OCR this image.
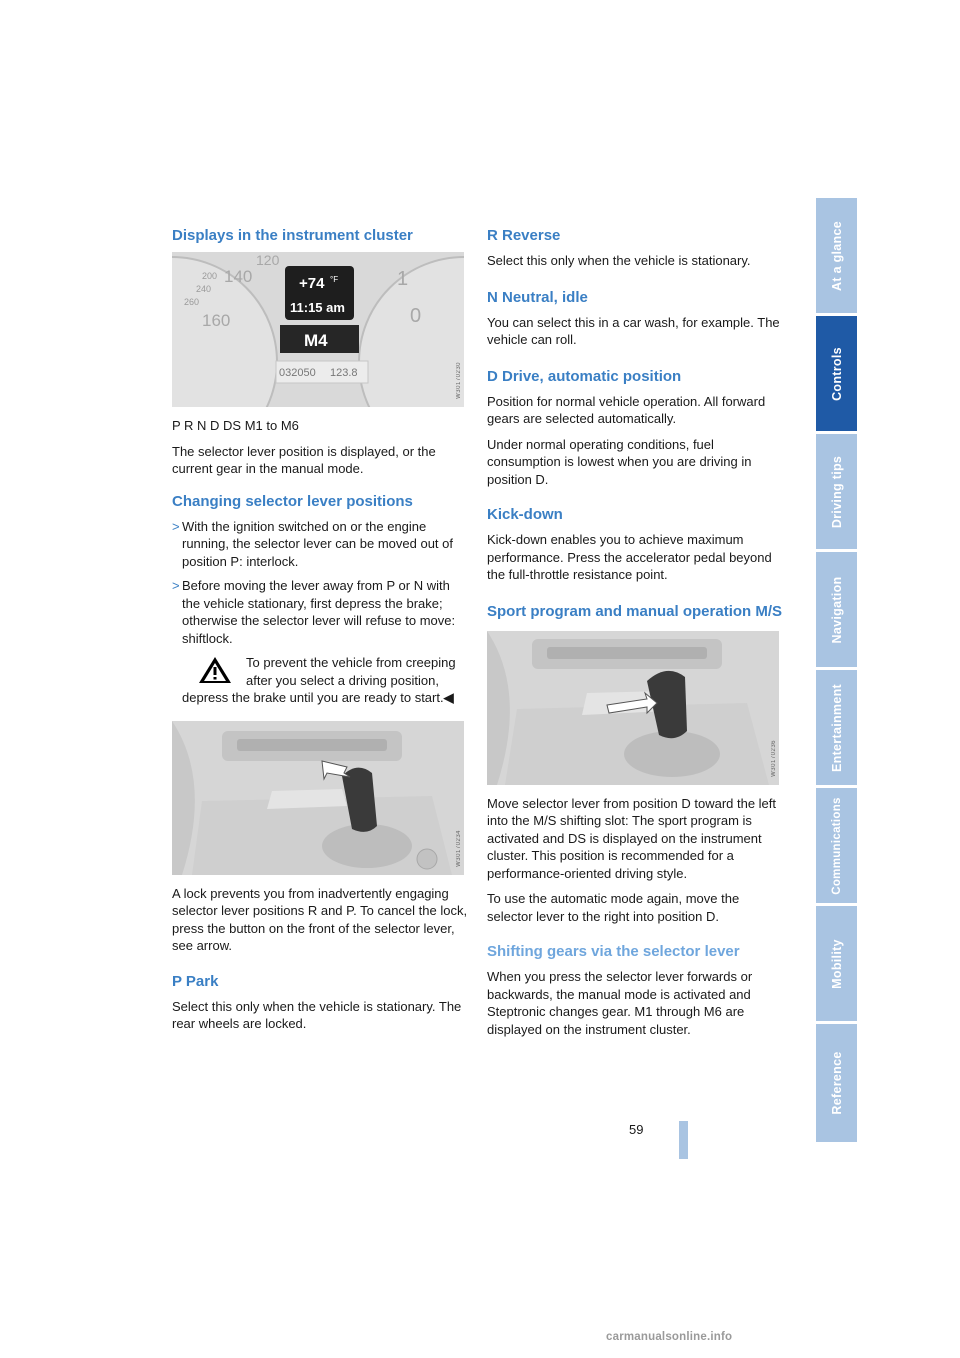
Displays in the instrument cluster
200
240
260
140
160
120
1
0
+74 °F
11:15 am
M4
032050 123.8	W30170230

P R N D DS M1 to M6

The selector lever position is displayed, or the current gear in the manual mode.

Changing selector lever positions
> With the ignition switched on or the engine running, the selector lever can be moved out of position P: interlock.
> Before moving the lever away from P or N with the vehicle stationary, first depress the brake; otherwise the selector lever will refuse to move: shiftlock.
To prevent the vehicle from creeping after you select a driving position, depress the brake until you are ready to start.◀
W30170234

A lock prevents you from inadvertently engaging selector lever positions R and P. To cancel the lock, press the button on the front of the selector lever, see arrow.

P Park

Select this only when the vehicle is stationary. The rear wheels are locked.

R Reverse

Select this only when the vehicle is stationary.

N Neutral, idle

You can select this in a car wash, for example. The vehicle can roll.

D Drive, automatic position

Position for normal vehicle operation. All forward gears are selected automatically.

Under normal operating conditions, fuel consumption is lowest when you are driving in position D.

Kick-down

Kick-down enables you to achieve maximum performance. Press the accelerator pedal beyond the full-throttle resistance point.

Sport program and manual operation M/S
W30170236

Move selector lever from position D toward the left into the M/S shifting slot: The sport program is activated and DS is displayed on the instrument cluster. This position is recommended for a performance-oriented driving style.

To use the automatic mode again, move the selector lever to the right into position D.

Shifting gears via the selector lever

When you press the selector lever forwards or backwards, the manual mode is activated and Steptronic changes gear. M1 through M6 are displayed on the instrument cluster.

At a glance
Controls
Driving tips
Navigation
Entertainment
Communications
Mobility
Reference
59
carmanualsonline.info
